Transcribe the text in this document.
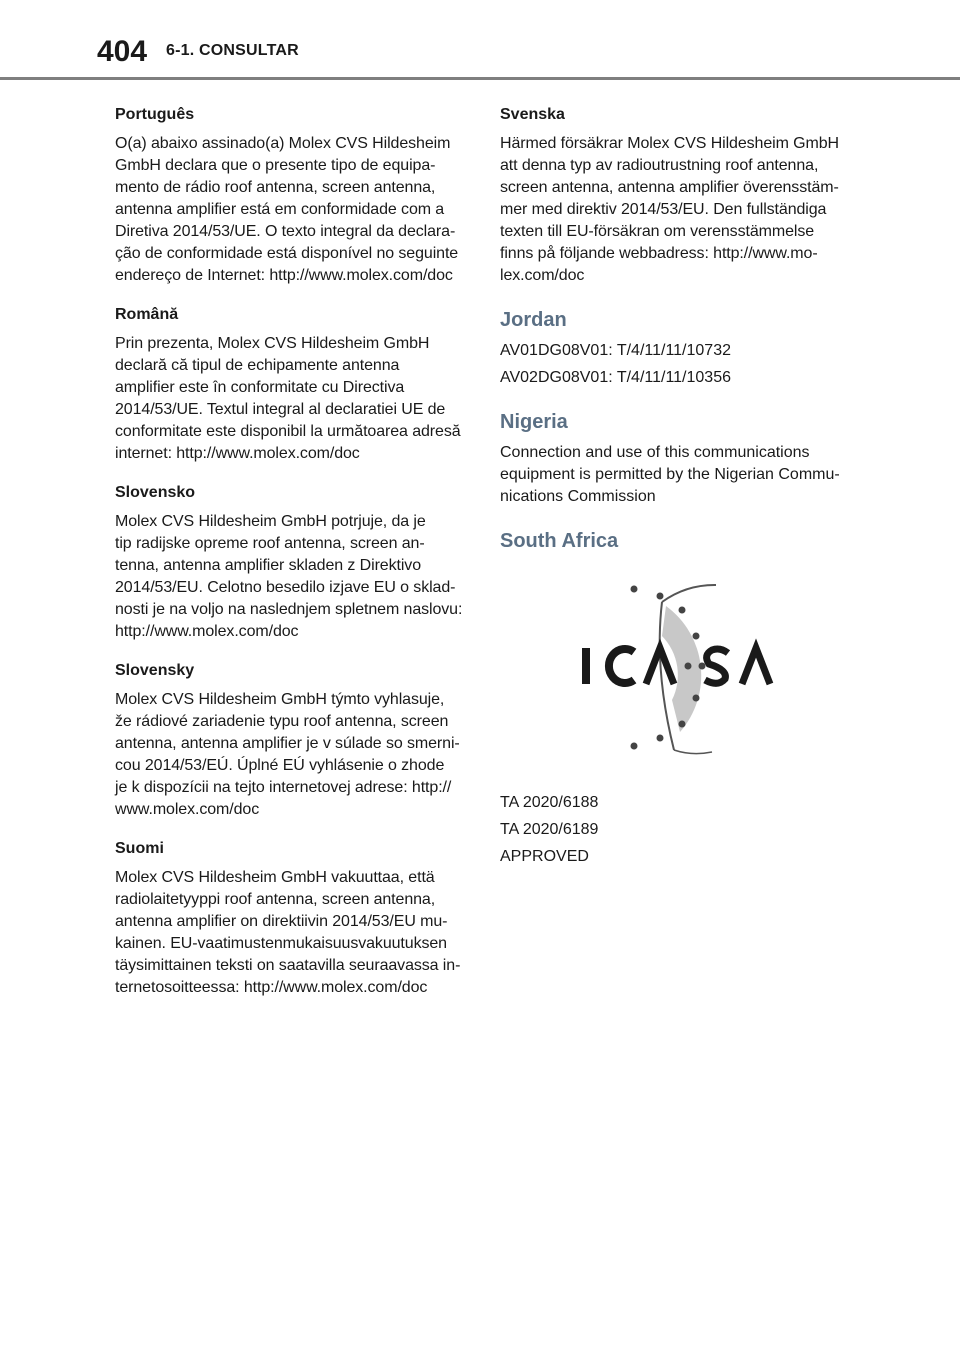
404 6-1. CONSULTAR
Português

O(a) abaixo assinado(a) Molex CVS Hildesheim
GmbH declara que o presente tipo de equipa-
mento de rádio roof antenna, screen antenna,
antenna amplifier está em conformidade com a
Diretiva 2014/53/UE. O texto integral da declara-
ção de conformidade está disponível no seguinte
endereço de Internet: http://www.molex.com/doc

Română

Prin prezenta, Molex CVS Hildesheim GmbH
declară că tipul de echipamente antenna
amplifier este în conformitate cu Directiva
2014/53/UE. Textul integral al declaratiei UE de
conformitate este disponibil la următoarea adresă
internet: http://www.molex.com/doc

Slovensko

Molex CVS Hildesheim GmbH potrjuje, da je
tip radijske opreme roof antenna, screen an-
tenna, antenna amplifier skladen z Direktivo
2014/53/EU. Celotno besedilo izjave EU o sklad-
nosti je na voljo na naslednjem spletnem naslovu:
http://www.molex.com/doc

Slovensky

Molex CVS Hildesheim GmbH týmto vyhlasuje,
že rádiové zariadenie typu roof antenna, screen
antenna, antenna amplifier je v súlade so smerni-
cou 2014/53/EÚ. Úplné EÚ vyhlásenie o zhode
je k dispozícii na tejto internetovej adrese: http://
www.molex.com/doc

Suomi

Molex CVS Hildesheim GmbH vakuuttaa, että
radiolaitetyyppi roof antenna, screen antenna,
antenna amplifier on direktiivin 2014/53/EU mu-
kainen. EU-vaatimustenmukaisuusvakuutuksen
täysimittainen teksti on saatavilla seuraavassa in-
ternetosoitteessa: http://www.molex.com/doc

Svenska

Härmed försäkrar Molex CVS Hildesheim GmbH
att denna typ av radioutrustning roof antenna,
screen antenna, antenna amplifier överensstäm-
mer med direktiv 2014/53/EU. Den fullständiga
texten till EU-försäkran om verensstämmelse
finns på följande webbadress: http://www.mo-
lex.com/doc

Jordan

AV01DG08V01: T/4/11/11/10732

AV02DG08V01: T/4/11/11/10356

Nigeria

Connection and use of this communications
equipment is permitted by the Nigerian Commu-
nications Commission

South Africa

TA 2020/6188

TA 2020/6189

APPROVED
